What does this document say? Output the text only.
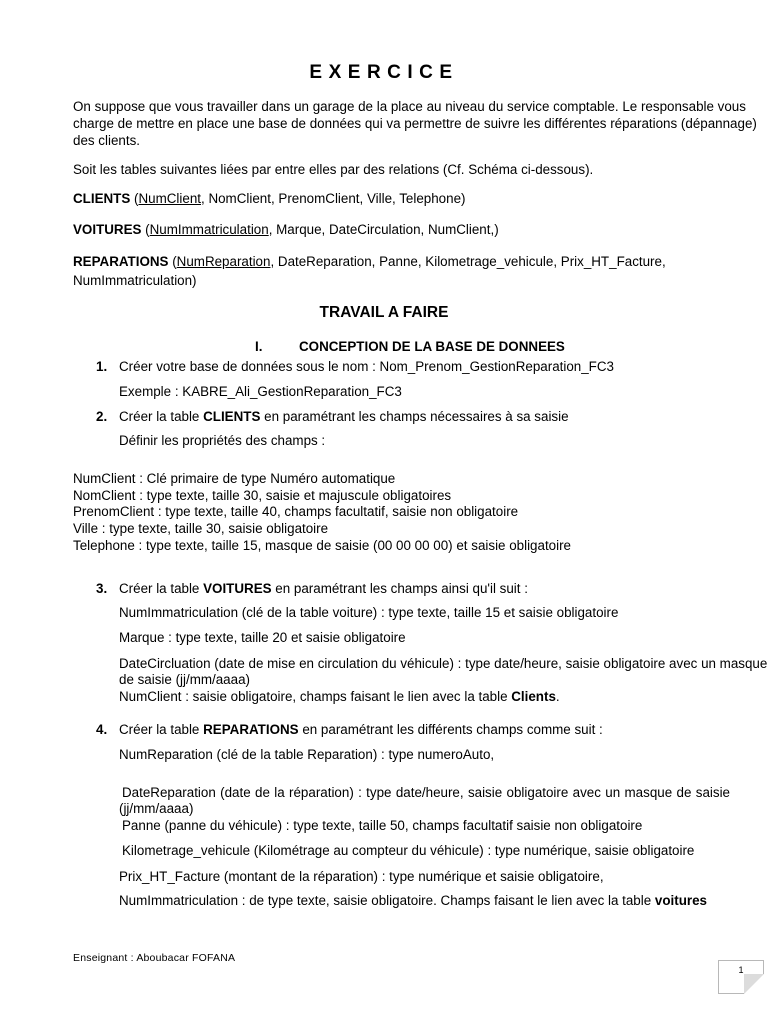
EXERCICE
On suppose que vous travailler dans un garage de la place au niveau du service comptable. Le responsable vous
charge de mettre en place une base de données qui va permettre de suivre les différentes réparations (dépannage)
des clients.
Soit les tables suivantes liées par entre elles par des relations (Cf. Schéma ci-dessous).
CLIENTS (NumClient, NomClient, PrenomClient, Ville, Telephone)
VOITURES (NumImmatriculation, Marque, DateCirculation, NumClient,)
REPARATIONS (NumReparation, DateReparation, Panne, Kilometrage_vehicule, Prix_HT_Facture,
NumImmatriculation)
TRAVAIL A FAIRE
I.	CONCEPTION DE LA BASE DE DONNEES
1. Créer votre base de données sous le nom : Nom_Prenom_GestionReparation_FC3
Exemple : KABRE_Ali_GestionReparation_FC3
2. Créer la table CLIENTS en paramétrant les champs nécessaires à sa saisie
Définir les propriétés des champs :
NumClient : Clé primaire de type Numéro automatique
NomClient : type texte, taille 30, saisie et majuscule obligatoires
PrenomClient : type texte, taille 40, champs facultatif, saisie non obligatoire
Ville : type texte, taille 30, saisie obligatoire
Telephone : type texte, taille 15, masque de saisie (00 00 00 00) et saisie obligatoire
3. Créer la table VOITURES en paramétrant les champs ainsi qu'il suit :
NumImmatriculation (clé de la table voiture) : type texte, taille 15 et saisie obligatoire
Marque : type texte, taille 20 et saisie obligatoire
DateCircluation (date de mise en circulation du véhicule) : type date/heure, saisie obligatoire avec un masque
de saisie (jj/mm/aaaa)
NumClient : saisie obligatoire, champs faisant le lien avec la table Clients.
4. Créer la table REPARATIONS en paramétrant les différents champs comme suit :
NumReparation (clé de la table Reparation) : type numeroAuto,
DateReparation (date de la réparation) : type date/heure, saisie obligatoire avec un masque de saisie
(jj/mm/aaaa)
Panne (panne du véhicule) : type texte, taille 50, champs facultatif saisie non obligatoire
Kilometrage_vehicule (Kilométrage au compteur du véhicule) : type numérique, saisie obligatoire
Prix_HT_Facture (montant de la réparation) : type numérique et saisie obligatoire,
NumImmatriculation : de type texte, saisie obligatoire. Champs faisant le lien avec la table voitures
Enseignant : Aboubacar FOFANA
1
